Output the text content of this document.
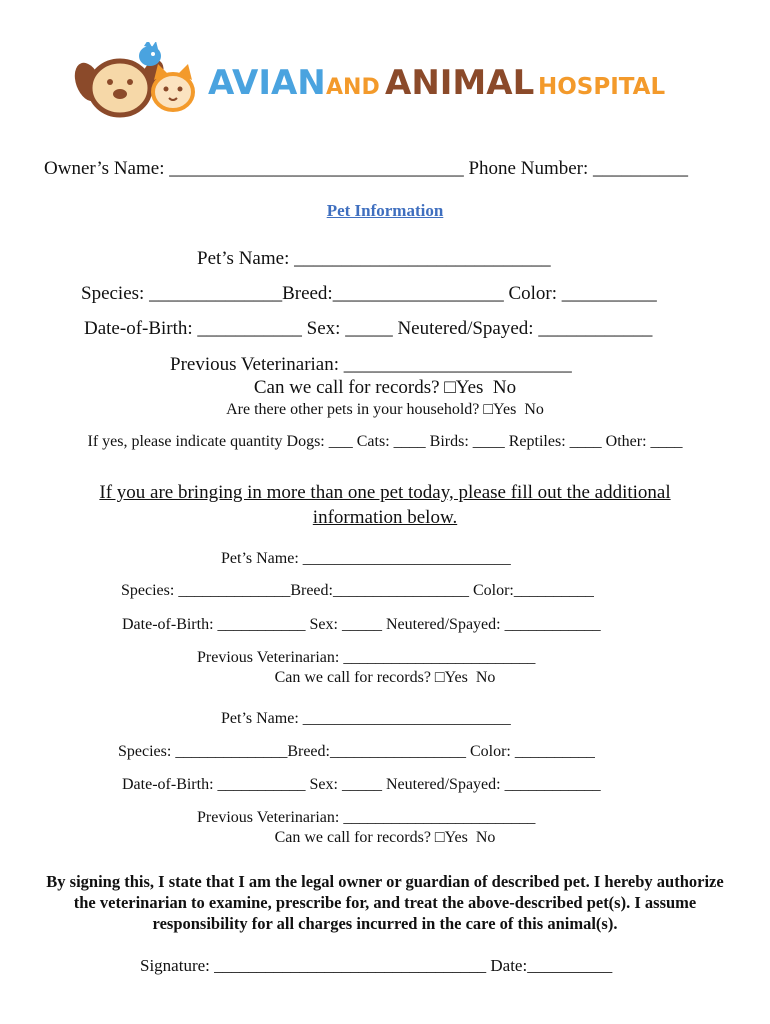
AVIAN AND ANIMAL HOSPITAL
Owner’s Name: _______________________________ Phone Number: __________
Pet Information
Pet’s Name: ___________________________
Species: ______________Breed:__________________ Color: __________
Date-of-Birth: ___________ Sex: _____ Neutered/Spayed: ____________
Previous Veterinarian: ________________________
Can we call for records? □Yes  No
Are there other pets in your household? □Yes  No
If yes, please indicate quantity Dogs: ___ Cats: ____ Birds: ____ Reptiles: ____ Other: ____
If you are bringing in more than one pet today, please fill out the additional information below.
Pet’s Name: __________________________
Species: ______________Breed:_________________ Color:__________
Date-of-Birth: ___________ Sex: _____ Neutered/Spayed: ____________
Previous Veterinarian: ________________________
Can we call for records? □Yes  No
Pet’s Name: __________________________
Species: ______________Breed:_________________ Color: __________
Date-of-Birth: ___________ Sex: _____ Neutered/Spayed: ____________
Previous Veterinarian: ________________________
Can we call for records? □Yes  No
By signing this, I state that I am the legal owner or guardian of described pet. I hereby authorize the veterinarian to examine, prescribe for, and treat the above-described pet(s). I assume responsibility for all charges incurred in the care of this animal(s).
Signature: ________________________________ Date:__________
